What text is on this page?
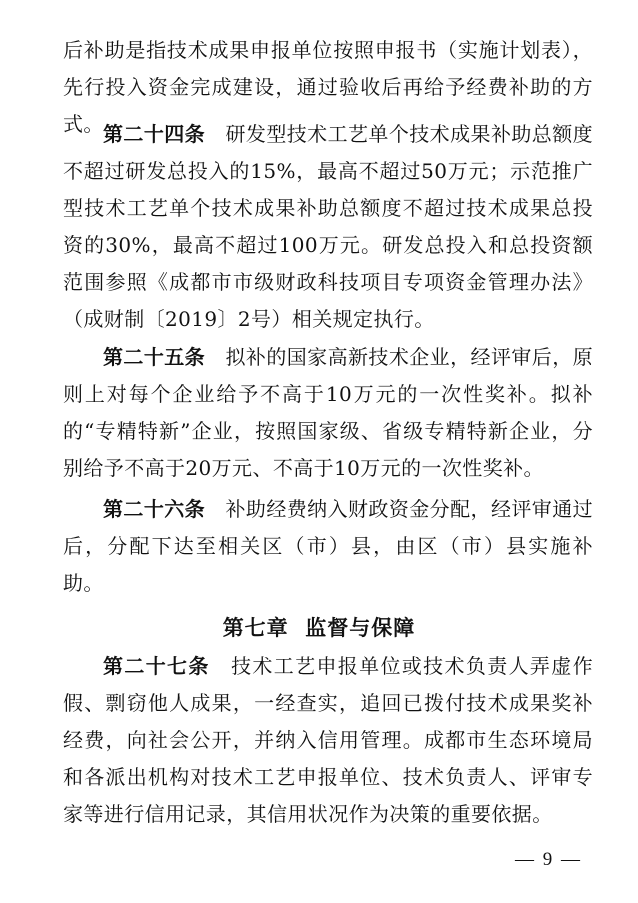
后补助是指技术成果申报单位按照申报书（实施计划表），先行投入资金完成建设，通过验收后再给予经费补助的方式。 第二十四条  研发型技术工艺单个技术成果补助总额度不超过研发总投入的15%，最高不超过50万元；示范推广型技术工艺单个技术成果补助总额度不超过技术成果总投资的30%，最高不超过100万元。研发总投入和总投资额范围参照《成都市市级财政科技项目专项资金管理办法》（成财制〔2019〕2号）相关规定执行。

第二十五条  拟补的国家高新技术企业，经评审后，原则上对每个企业给予不高于10万元的一次性奖补。拟补的“专精特新”企业，按照国家级、省级专精特新企业，分别给予不高于20万元、不高于10万元的一次性奖补。

第二十六条  补助经费纳入财政资金分配，经评审通过后，分配下达至相关区（市）县，由区（市）县实施补助。

第七章  监督与保障

第二十七条  技术工艺申报单位或技术负责人弄虚作假、剽窃他人成果，一经查实，追回已拨付技术成果奖补经费，向社会公开，并纳入信用管理。成都市生态环境局和各派出机构对技术工艺申报单位、技术负责人、评审专家等进行信用记录，其信用状况作为决策的重要依据。

— 9 —
